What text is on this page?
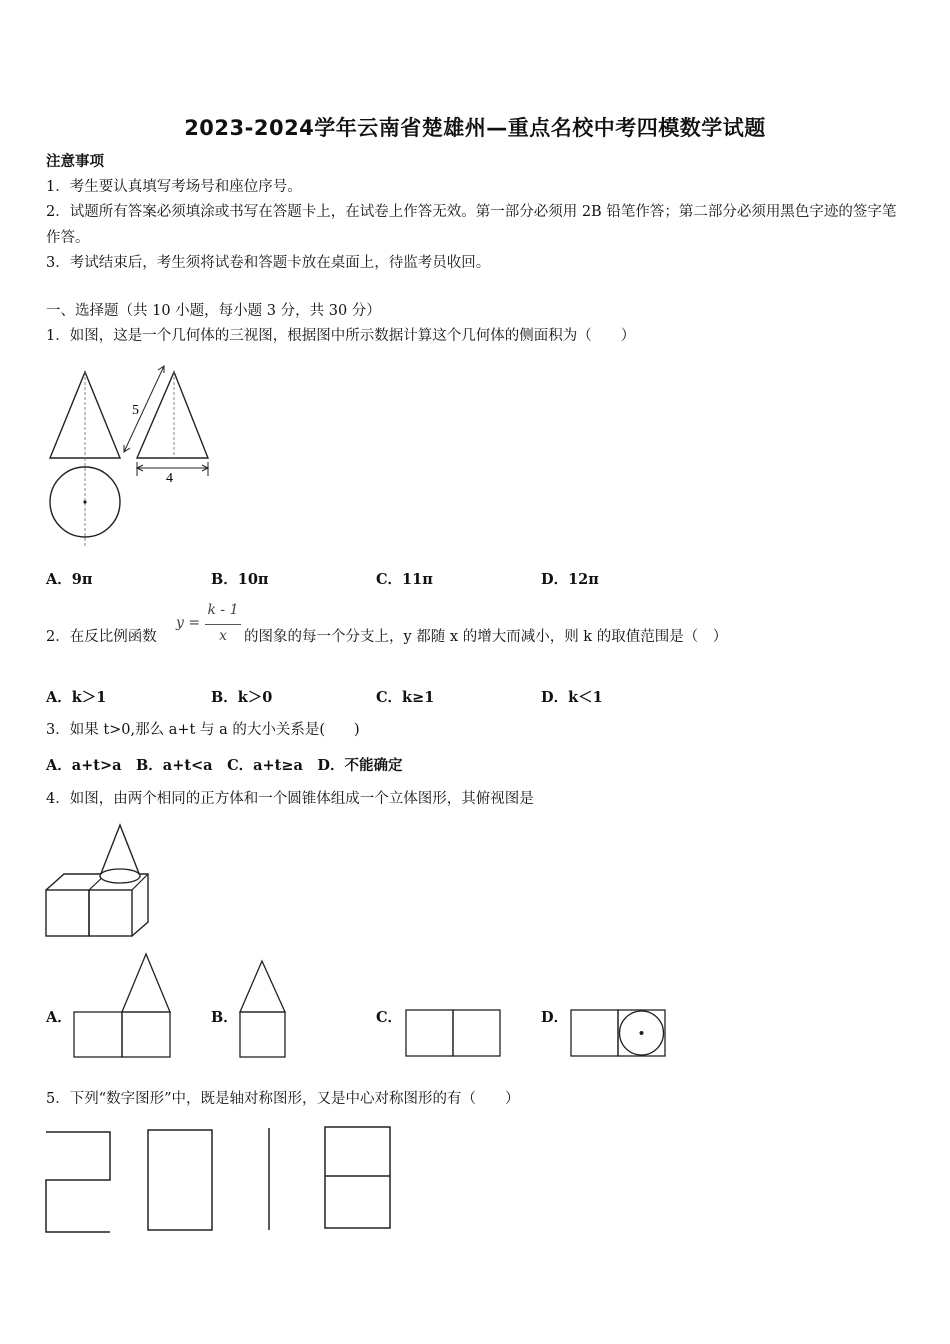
2023-2024学年云南省楚雄州—重点名校中考四模数学试题
注意事项
1．考生要认真填写考场号和座位序号。
2．试题所有答案必须填涂或书写在答题卡上，在试卷上作答无效。第一部分必须用 2B 铅笔作答；第二部分必须用黑色字迹的签字笔作答。
3．考试结束后，考生须将试卷和答题卡放在桌面上，待监考员收回。
一、选择题（共 10 小题，每小题 3 分，共 30 分）
1．如图，这是一个几何体的三视图，根据图中所示数据计算这个几何体的侧面积为（　　）
5
4
A．9π	B．10π	C．11π	D．12π
2．在反比例函数
y =
k - 1
x	的图象的每一个分支上，y 都随 x 的增大而减小，则 k 的取值范围是（　）
A．k＞1	B．k＞0	C．k≥1	D．k＜1
3．如果 t>0,那么 a+t 与 a 的大小关系是(　　)
A．a+t>a　B．a+t<a　C．a+t≥a　D．不能确定
4．如图，由两个相同的正方体和一个圆锥体组成一个立体图形，其俯视图是
A．	B．	C．	D．
5．下列“数字图形”中，既是轴对称图形，又是中心对称图形的有（　　）
